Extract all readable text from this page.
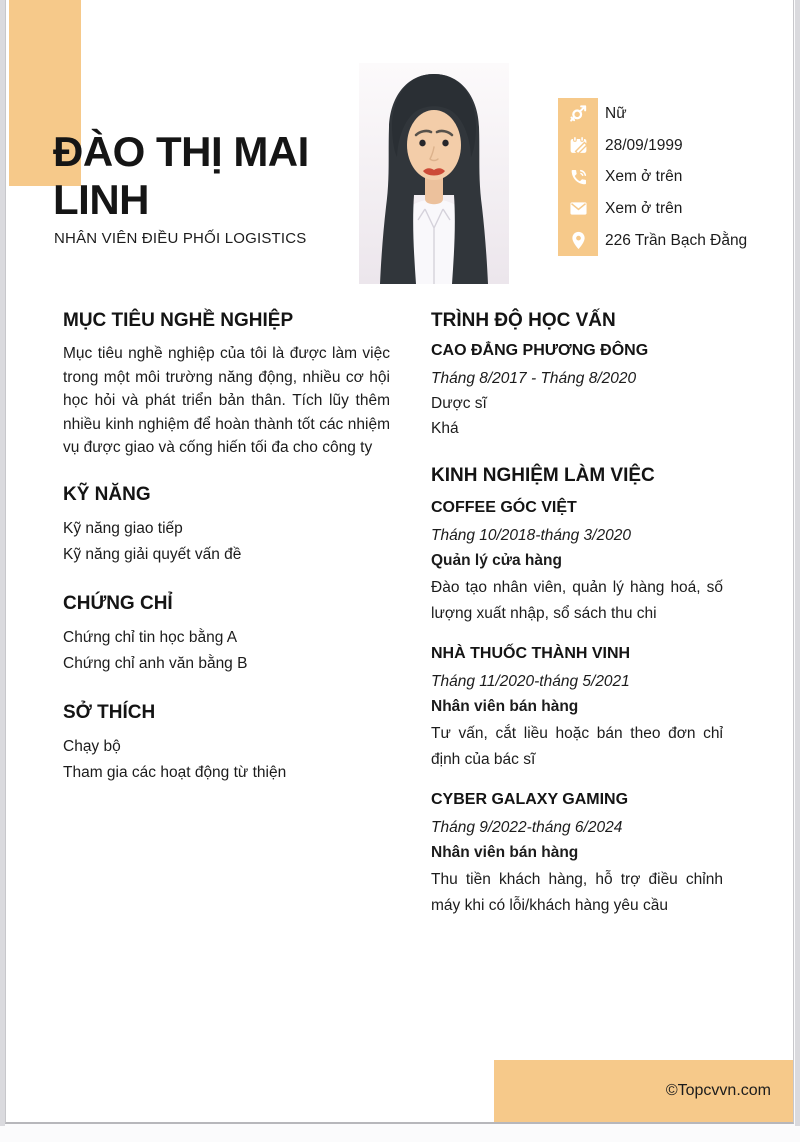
ĐÀO THỊ MAI LINH
NHÂN VIÊN ĐIỀU PHỐI LOGISTICS
Nữ
28/09/1999
Xem ở trên
Xem ở trên
226 Trần Bạch Đằng
MỤC TIÊU NGHỀ NGHIỆP

Mục tiêu nghề nghiệp của tôi là được làm việc trong một môi trường năng động, nhiều cơ hội học hỏi và phát triển bản thân. Tích lũy thêm nhiều kinh nghiệm để hoàn thành tốt các nhiệm vụ được giao và cống hiến tối đa cho công ty

KỸ NĂNG
Kỹ năng giao tiếp
Kỹ năng giải quyết vấn đề
CHỨNG CHỈ
Chứng chỉ tin học bằng A
Chứng chỉ anh văn bằng B
SỞ THÍCH
Chạy bộ
Tham gia các hoạt động từ thiện
TRÌNH ĐỘ HỌC VẤN
CAO ĐẲNG PHƯƠNG ĐÔNG
Tháng 8/2017 - Tháng 8/2020
Dược sĩ
Khá
KINH NGHIỆM LÀM VIỆC
COFFEE GÓC VIỆT
Tháng 10/2018-tháng 3/2020
Quản lý cửa hàng

Đào tạo nhân viên, quản lý hàng hoá, số lượng xuất nhập, sổ sách thu chi

NHÀ THUỐC THÀNH VINH
Tháng 11/2020-tháng 5/2021
Nhân viên bán hàng

Tư vấn, cắt liều hoặc bán theo đơn chỉ định của bác sĩ

CYBER GALAXY GAMING
Tháng 9/2022-tháng 6/2024
Nhân viên bán hàng

Thu tiền khách hàng, hỗ trợ điều chỉnh máy khi có lỗi/khách hàng yêu cầu

©Topcvvn.com
